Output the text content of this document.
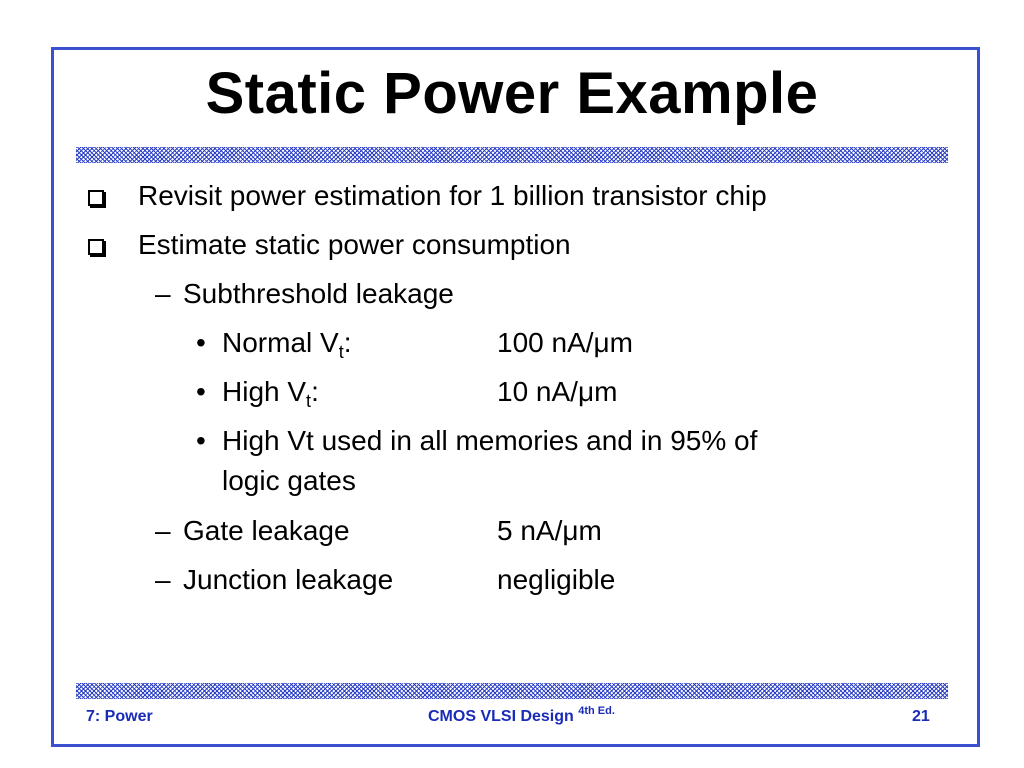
Static Power Example
Revisit power estimation for 1 billion transistor chip
Estimate static power consumption
– Subthreshold leakage
• Normal $V_t$:	100 nA/μm
• High $V_t$:	10 nA/μm
• High Vt used in all memories and in 95% of
logic gates
– Gate leakage	5 nA/μm
– Junction leakage	negligible
7: Power	CMOS VLSI Design $^{4th Ed.}$	21
